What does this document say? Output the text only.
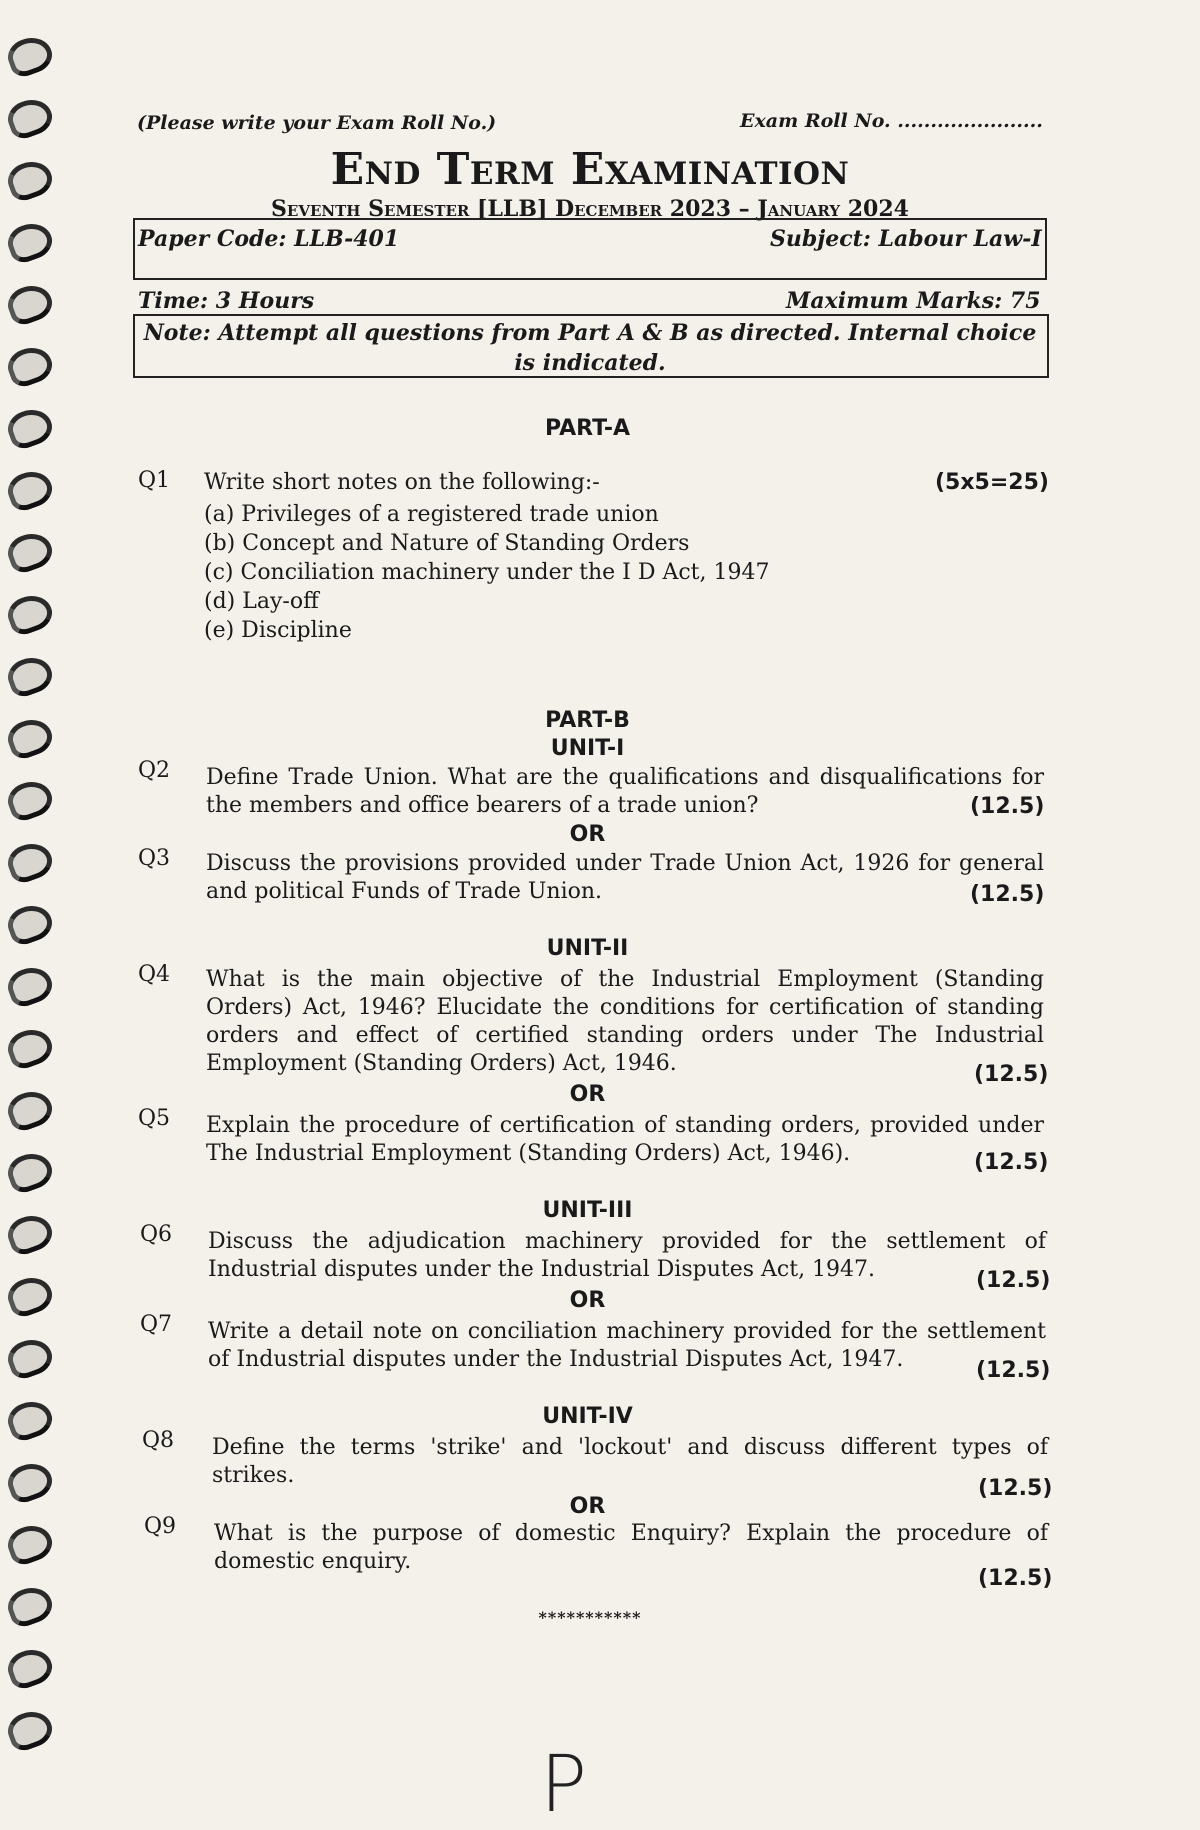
(Please write your Exam Roll No.)	Exam Roll No. ......................
End Term Examination
Seventh Semester [LLB] December 2023 – January 2024
Paper Code: LLB-401	Subject: Labour Law-I
Time: 3 Hours	Maximum Marks: 75
Note: Attempt all questions from Part A & B as directed. Internal choice is indicated.
PART-A
Q1 Write short notes on the following:-	(5x5=25)
(a) Privileges of a registered trade union
(b) Concept and Nature of Standing Orders
(c) Conciliation machinery under the I D Act, 1947
(d) Lay-off
(e) Discipline
PART-B
UNIT-I
Q2 Define Trade Union. What are the qualifications and disqualifications for the members and office bearers of a trade union?	(12.5)
OR
Q3 Discuss the provisions provided under Trade Union Act, 1926 for general and political Funds of Trade Union.	(12.5)
UNIT-II
Q4 What is the main objective of the Industrial Employment (Standing Orders) Act, 1946? Elucidate the conditions for certification of standing orders and effect of certified standing orders under The Industrial Employment (Standing Orders) Act, 1946.	(12.5)
OR
Q5 Explain the procedure of certification of standing orders, provided under The Industrial Employment (Standing Orders) Act, 1946).	(12.5)
UNIT-III
Q6 Discuss the adjudication machinery provided for the settlement of Industrial disputes under the Industrial Disputes Act, 1947.	(12.5)
OR
Q7 Write a detail note on conciliation machinery provided for the settlement of Industrial disputes under the Industrial Disputes Act, 1947.	(12.5)
UNIT-IV
Q8 Define the terms 'strike' and 'lockout' and discuss different types of strikes.
(12.5)
OR
Q9 What is the purpose of domestic Enquiry? Explain the procedure of domestic enquiry.
(12.5)
***********
P
